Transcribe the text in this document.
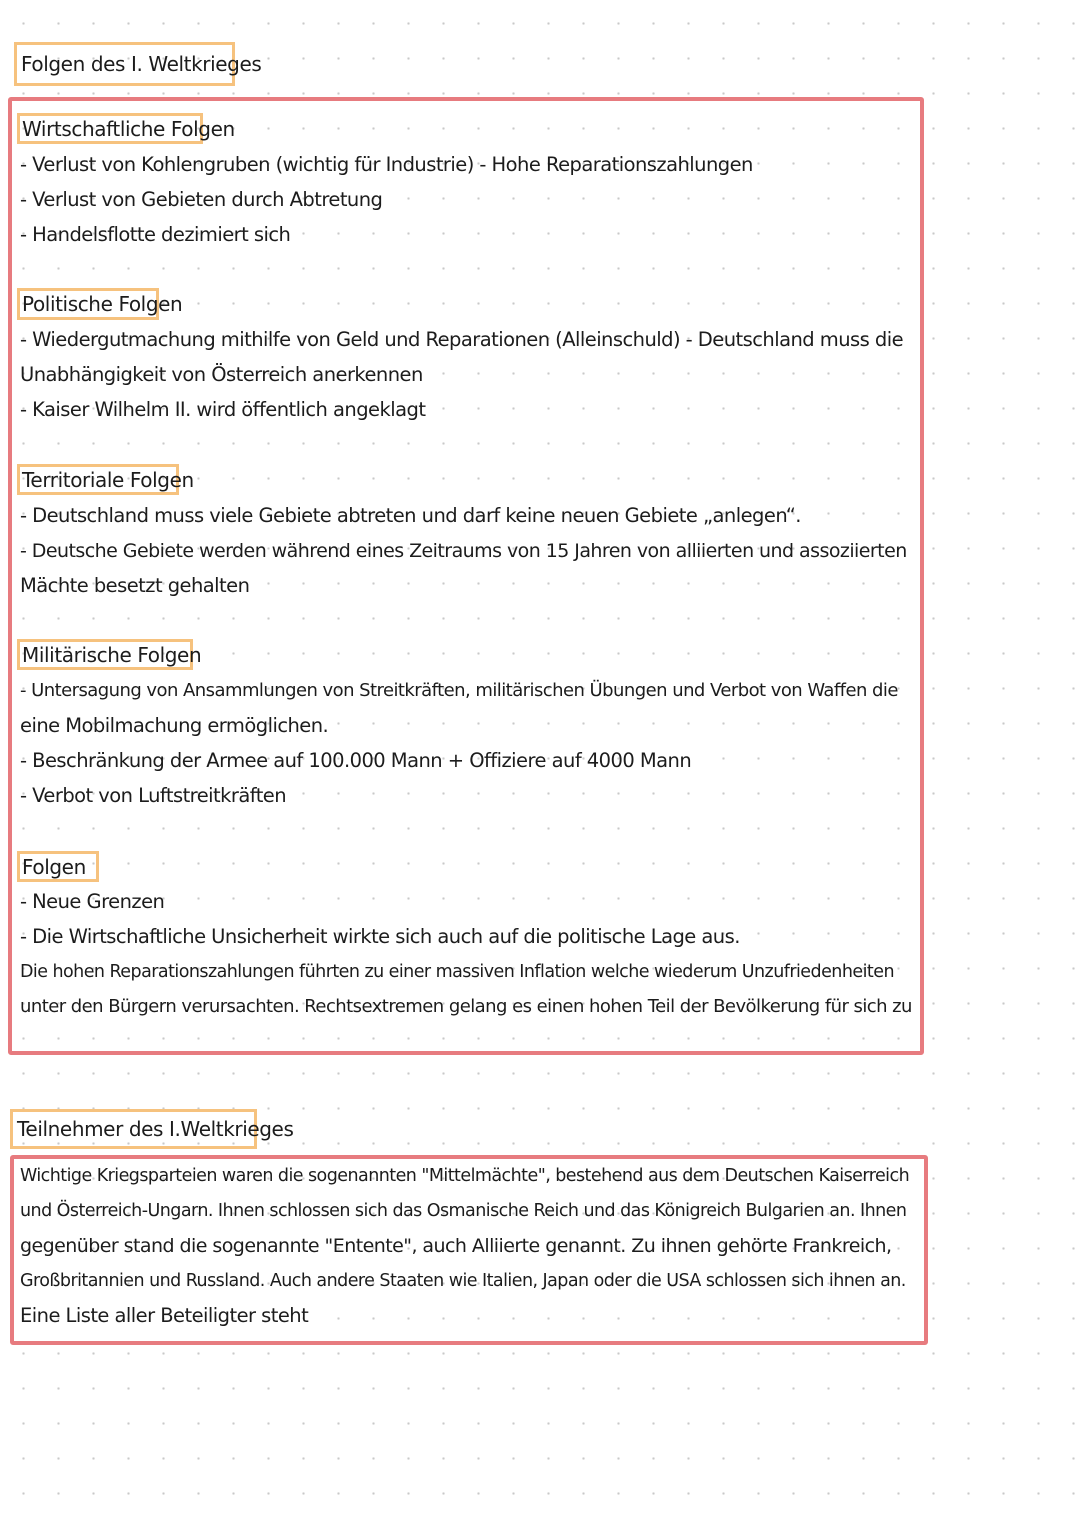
Folgen des I. Weltkrieges
Wirtschaftliche Folgen
- Verlust von Kohlengruben (wichtig für Industrie) - Hohe Reparationszahlungen
- Verlust von Gebieten durch Abtretung
- Handelsflotte dezimiert sich
Politische Folgen
- Wiedergutmachung mithilfe von Geld und Reparationen (Alleinschuld) - Deutschland muss die
Unabhängigkeit von Österreich anerkennen
- Kaiser Wilhelm II. wird öffentlich angeklagt
Territoriale Folgen
- Deutschland muss viele Gebiete abtreten und darf keine neuen Gebiete „anlegen“.
- Deutsche Gebiete werden während eines Zeitraums von 15 Jahren von alliierten und assoziierten
Mächte besetzt gehalten
Militärische Folgen
- Untersagung von Ansammlungen von Streitkräften, militärischen Übungen und Verbot von Waffen die
eine Mobilmachung ermöglichen.
- Beschränkung der Armee auf 100.000 Mann + Offiziere auf 4000 Mann
- Verbot von Luftstreitkräften
Folgen
- Neue Grenzen
- Die Wirtschaftliche Unsicherheit wirkte sich auch auf die politische Lage aus.
Die hohen Reparationszahlungen führten zu einer massiven Inflation welche wiederum Unzufriedenheiten
unter den Bürgern verursachten. Rechtsextremen gelang es einen hohen Teil der Bevölkerung für sich zu
Teilnehmer des I.Weltkrieges
Wichtige Kriegsparteien waren die sogenannten "Mittelmächte", bestehend aus dem Deutschen Kaiserreich
und Österreich-Ungarn. Ihnen schlossen sich das Osmanische Reich und das Königreich Bulgarien an. Ihnen
gegenüber stand die sogenannte "Entente", auch Alliierte genannt. Zu ihnen gehörte Frankreich,
Großbritannien und Russland. Auch andere Staaten wie Italien, Japan oder die USA schlossen sich ihnen an.
Eine Liste aller Beteiligter steht
